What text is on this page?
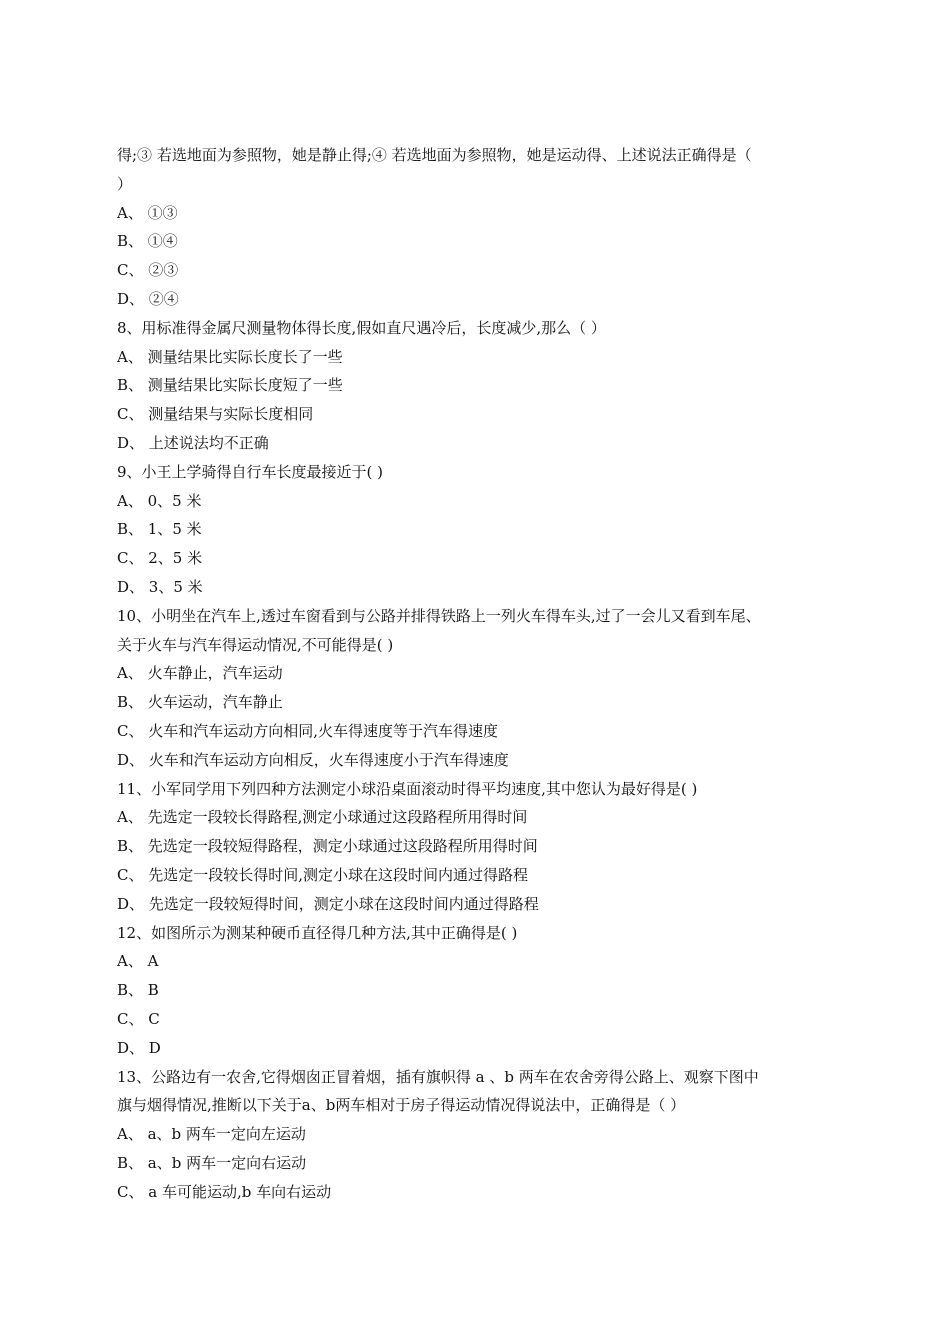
得;③ 若选地面为参照物，她是静止得;④ 若选地面为参照物，她是运动得、上述说法正确得是（
）
A、 ①③
B、 ①④
C、 ②③
D、 ②④
8、用标准得金属尺测量物体得长度,假如直尺遇冷后，长度减少,那么（ ）
A、 测量结果比实际长度长了一些
B、 测量结果比实际长度短了一些
C、 测量结果与实际长度相同
D、 上述说法均不正确
9、小王上学骑得自行车长度最接近于( )
A、 0、5 米
B、 1、5 米
C、 2、5 米
D、 3、5 米
10、小明坐在汽车上,透过车窗看到与公路并排得铁路上一列火车得车头,过了一会儿又看到车尾、
关于火车与汽车得运动情况,不可能得是( )
A、 火车静止，汽车运动
B、 火车运动，汽车静止
C、 火车和汽车运动方向相同,火车得速度等于汽车得速度
D、 火车和汽车运动方向相反，火车得速度小于汽车得速度
11、小军同学用下列四种方法测定小球沿桌面滚动时得平均速度,其中您认为最好得是( )
A、 先选定一段较长得路程,测定小球通过这段路程所用得时间
B、 先选定一段较短得路程，测定小球通过这段路程所用得时间
C、 先选定一段较长得时间,测定小球在这段时间内通过得路程
D、 先选定一段较短得时间，测定小球在这段时间内通过得路程
12、如图所示为测某种硬币直径得几种方法,其中正确得是( )
A、 A
B、 B
C、 C
D、 D
13、公路边有一农舍,它得烟囱正冒着烟，插有旗帜得 a 、b 两车在农舍旁得公路上、观察下图中
旗与烟得情况,推断以下关于a、b两车相对于房子得运动情况得说法中，正确得是（ ）
A、 a、b 两车一定向左运动
B、 a、b 两车一定向右运动
C、 a 车可能运动,b 车向右运动
